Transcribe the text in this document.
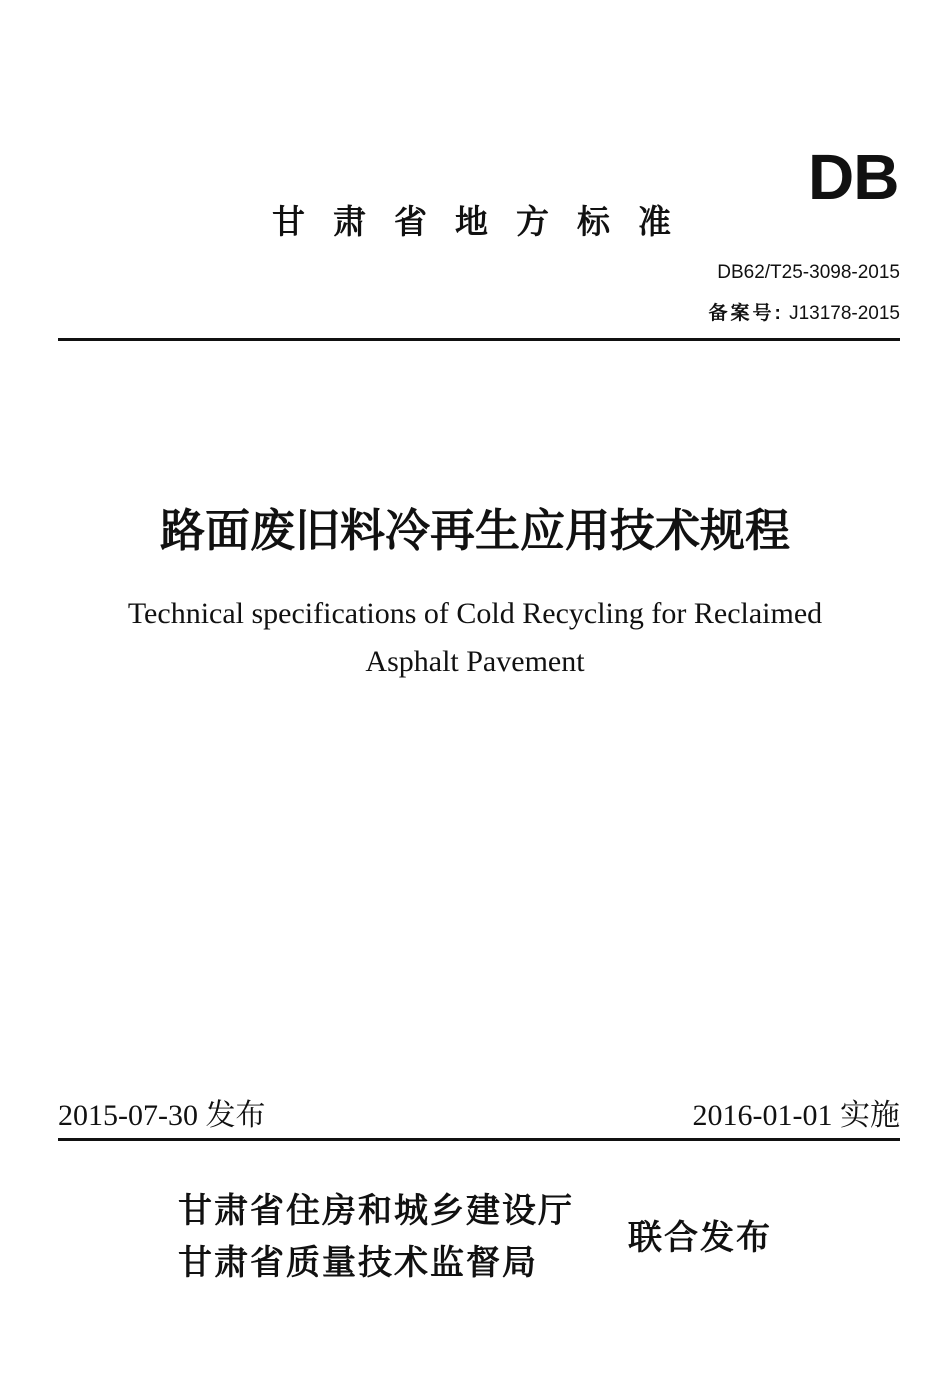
甘肃省地方标准
DB
DB62/T25-3098-2015
备案号: J13178-2015
路面废旧料冷再生应用技术规程
Technical specifications of Cold Recycling for Reclaimed
Asphalt Pavement
2015-07-30 发布	2016-01-01 实施
甘肃省住房和城乡建设厅
甘肃省质量技术监督局
联合发布
